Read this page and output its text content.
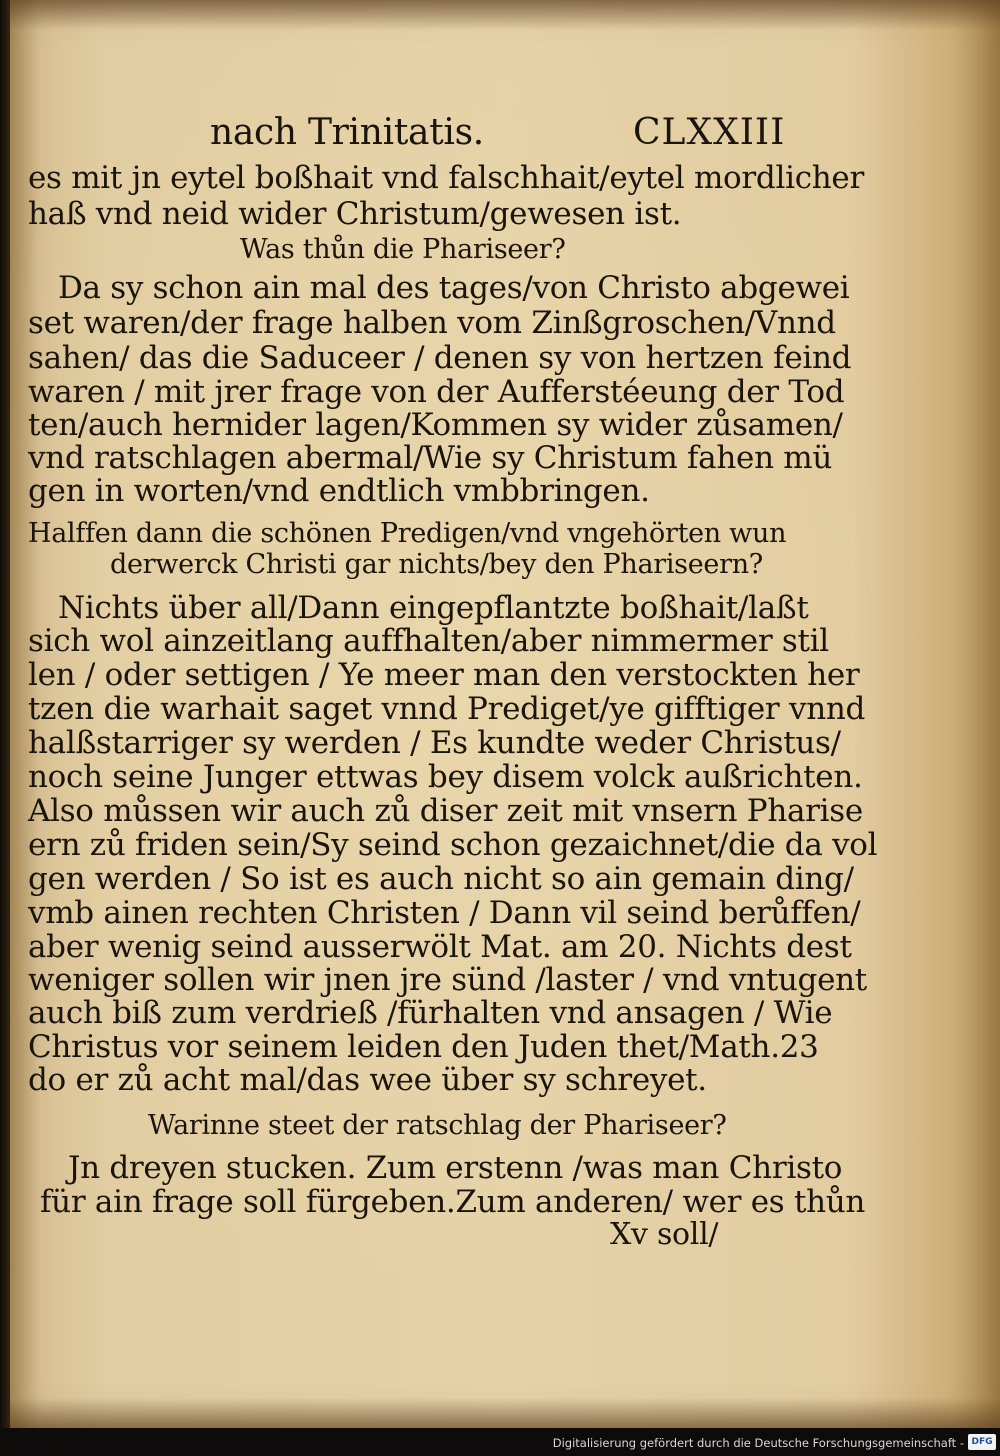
nach Trinitatis.	CLXXIII
es mit jn eytel boßhait vnd falschhait/eytel mordlicher
haß vnd neid wider Christum/gewesen ist.
Was thůn die Phariseer?
Da sy schon ain mal des tages/von Christo abgewei
set waren/der frage halben vom Zinßgroschen/Vnnd
sahen/ das die Saduceer / denen sy von hertzen feind
waren / mit jrer frage von der Aufferstéeung der Tod
ten/auch hernider lagen/Kommen sy wider zůsamen/
vnd ratschlagen abermal/Wie sy Christum fahen mü
gen in worten/vnd endtlich vmbbringen.
Halffen dann die schönen Predigen/vnd vngehörten wun
derwerck Christi gar nichts/bey den Phariseern?
Nichts über all/Dann eingepflantzte boßhait/laßt
sich wol ainzeitlang auffhalten/aber nimmermer stil
len / oder settigen / Ye meer man den verstockten her
tzen die warhait saget vnnd Prediget/ye gifftiger vnnd
halßstarriger sy werden / Es kundte weder Christus/
noch seine Junger ettwas bey disem volck außrichten.
Also můssen wir auch zů diser zeit mit vnsern Pharise
ern zů friden sein/Sy seind schon gezaichnet/die da vol
gen werden / So ist es auch nicht so ain gemain ding/
vmb ainen rechten Christen / Dann vil seind berůffen/
aber wenig seind ausserwölt Mat. am 20. Nichts dest
weniger sollen wir jnen jre sünd /laster / vnd vntugent
auch biß zum verdrieß /fürhalten vnd ansagen / Wie
Christus vor seinem leiden den Juden thet/Math.23
do er zů acht mal/das wee über sy schreyet.
Warinne steet der ratschlag der Phariseer?
Jn dreyen stucken. Zum erstenn /was man Christo
für ain frage soll fürgeben.Zum anderen/ wer es thůn
Xv soll/
Digitalisierung gefördert durch die Deutsche Forschungsgemeinschaft - DFG
